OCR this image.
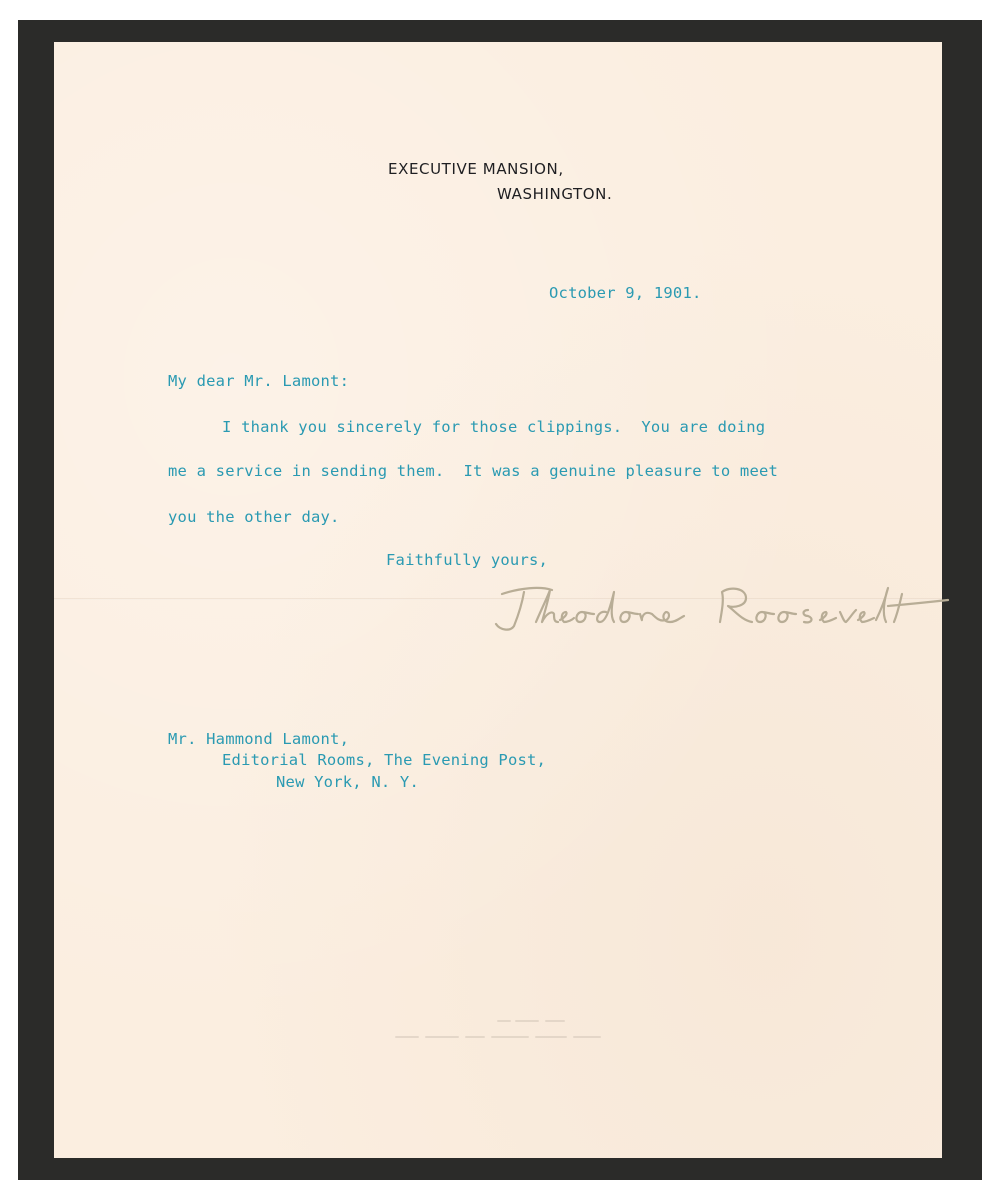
EXECUTIVE MANSION,
WASHINGTON.
October 9, 1901.
My dear Mr. Lamont:
I thank you sincerely for those clippings.  You are doing
me a service in sending them.  It was a genuine pleasure to meet
you the other day.
Faithfully yours,
Mr. Hammond Lamont,
Editorial Rooms, The Evening Post,
New York, N. Y.
